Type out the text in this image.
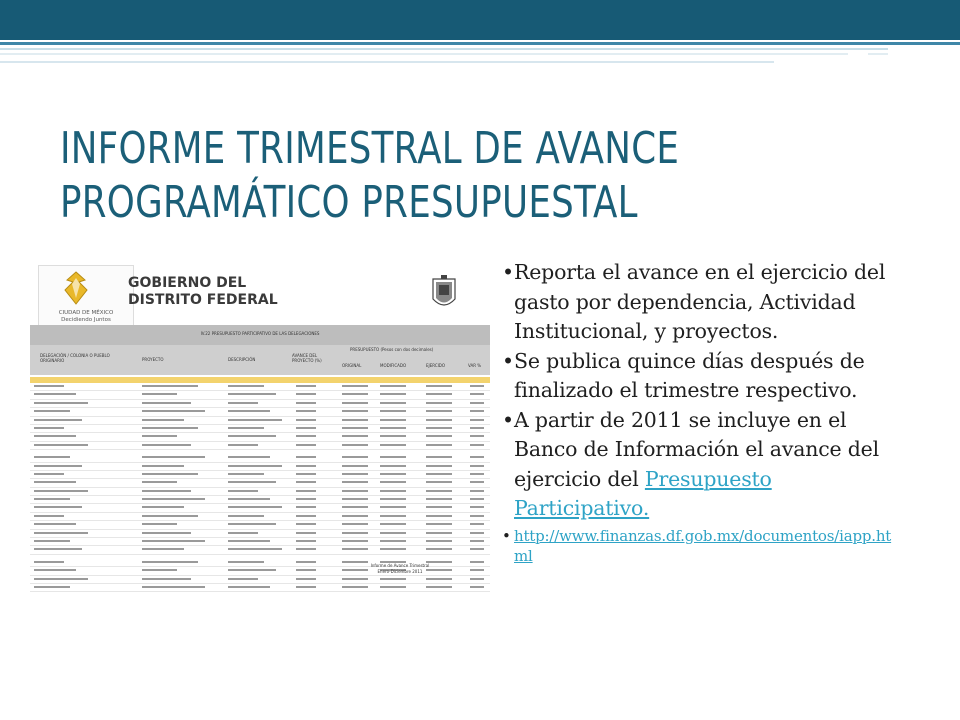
INFORME TRIMESTRAL DE AVANCE
PROGRAMÁTICO PRESUPUESTAL
CIUDAD DE MÉXICO
Decidiendo Juntos
GOBIERNO DEL
DISTRITO FEDERAL
IV.22 PRESUPUESTO PARTICIPATIVO DE LAS DELEGACIONES
DELEGACIÓN / COLONIA O PUEBLO ORIGINARIO	PROYECTO	DESCRIPCIÓN
AVANCE DEL PROYECTO (%)
PRESUPUESTO (Pesos con dos decimales)
ORIGINAL	MODIFICADO	EJERCIDO	VAR %
Informe de Avance Trimestral
Enero-Diciembre 2011
• Reporta el avance en el ejercicio del gasto por dependencia, Actividad Institucional, y proyectos.
• Se publica quince días después de finalizado el trimestre respectivo.
• A partir de 2011 se incluye en el Banco de Información el avance del ejercicio del Presupuesto Participativo.
• http://www.finanzas.df.gob.mx/documentos/iapp.html
